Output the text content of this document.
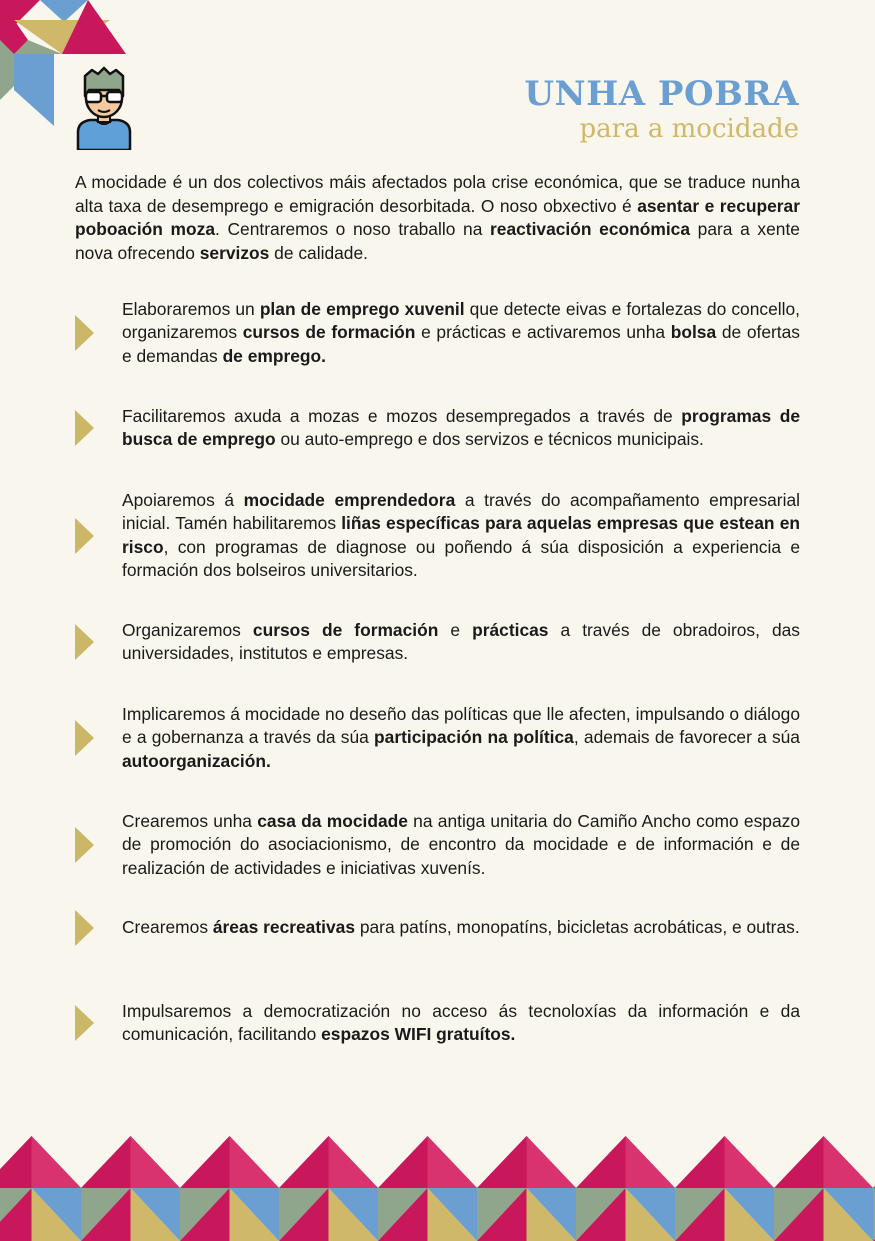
UNHA POBRA
para a mocidade
A mocidade é un dos colectivos máis afectados pola crise económica, que se traduce nunha alta taxa de desemprego e emigración desorbitada. O noso obxectivo é asentar e recuperar poboación moza. Centraremos o noso traballo na reactivación económica para a xente nova ofrecendo servizos de calidade.
Elaboraremos un plan de emprego xuvenil que detecte eivas e fortalezas do concello, organizaremos cursos de formación e prácticas e activaremos unha bolsa de ofertas e demandas de emprego.
Facilitaremos axuda a mozas e mozos desempregados a través de programas de busca de emprego ou auto-emprego e dos servizos e técnicos municipais.
Apoiaremos á mocidade emprendedora a través do acompañamento empresarial inicial. Tamén habilitaremos liñas específicas para aquelas empresas que estean en risco, con programas de diagnose ou poñendo á súa disposición a experiencia e formación dos bolseiros universitarios.
Organizaremos cursos de formación e prácticas a través de obradoiros, das universidades, institutos e empresas.
Implicaremos á mocidade no deseño das políticas que lle afecten, impulsando o diálogo e a gobernanza a través da súa participación na política, ademais de favorecer a súa autoorganización.
Crearemos unha casa da mocidade na antiga unitaria do Camiño Ancho como espazo de promoción do asociacionismo, de encontro da mocidade e de información e de realización de actividades e iniciativas xuvenís.
Crearemos áreas recreativas para patíns, monopatíns, bicicletas acrobáticas, e outras.
Impulsaremos a democratización no acceso ás tecnoloxías da información e da comunicación, facilitando espazos WIFI gratuítos.
